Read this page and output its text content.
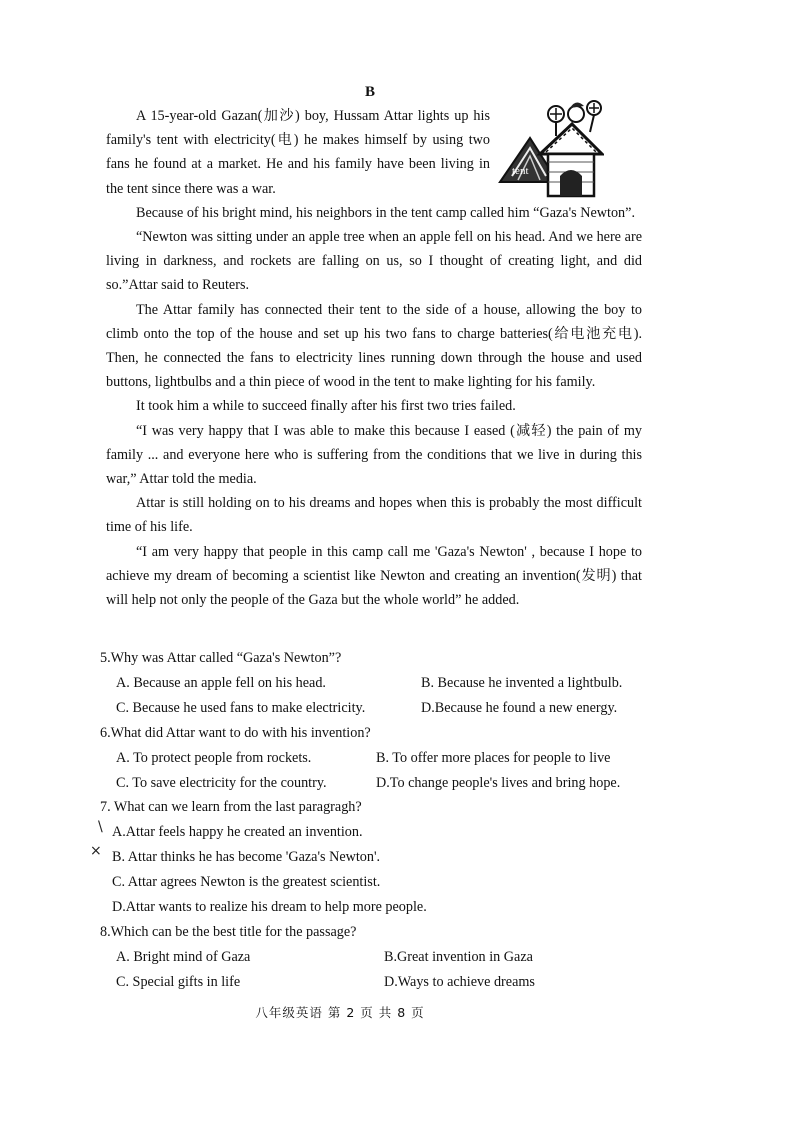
B
tent

A 15-year-old Gazan(加沙) boy, Hussam Attar lights up his family's tent with electricity(电) he makes himself by using two fans he found at a market. He and his family have been living in the tent since there was a war.

Because of his bright mind, his neighbors in the tent camp called him “Gaza's Newton”.

“Newton was sitting under an apple tree when an apple fell on his head. And we here are living in darkness, and rockets are falling on us, so I thought of creating light, and did so.”Attar said to Reuters.

The Attar family has connected their tent to the side of a house, allowing the boy to climb onto the top of the house and set up his two fans to charge batteries(给电池充电). Then, he connected the fans to electricity lines running down through the house and used buttons, lightbulbs and a thin piece of wood in the tent to make lighting for his family.

It took him a while to succeed finally after his first two tries failed.

“I was very happy that I was able to make this because I eased (减轻) the pain of my family ... and everyone here who is suffering from the conditions that we live in during this war,” Attar told the media.

Attar is still holding on to his dreams and hopes when this is probably the most difficult time of his life.

“I am very happy that people in this camp call me 'Gaza's Newton' , because I hope to achieve my dream of becoming a scientist like Newton and creating an invention(发明) that will help not only the people of the Gaza but the whole world” he added.

5.Why was Attar called “Gaza's Newton”?

A. Because an apple fell on his head.	B. Because he invented a lightbulb.
C. Because he used fans to make electricity.	D.Because he found a new energy.

6.What did Attar want to do with his invention?

A. To protect people from rockets.	B. To offer more places for people to live
C. To save electricity for the country.	D.To change people's lives and bring hope.

7. What can we learn from the last paragragh?

A.Attar feels happy he created an invention.

B. Attar thinks he has become 'Gaza's Newton'.

C. Attar agrees Newton is the greatest scientist.

D.Attar wants to realize his dream to help more people.

8.Which can be the best title for the passage?

A. Bright mind of Gaza	B.Great invention in Gaza
C. Special gifts in life	D.Ways to achieve dreams
\
×
八年级英语 第 2 页 共 8 页
